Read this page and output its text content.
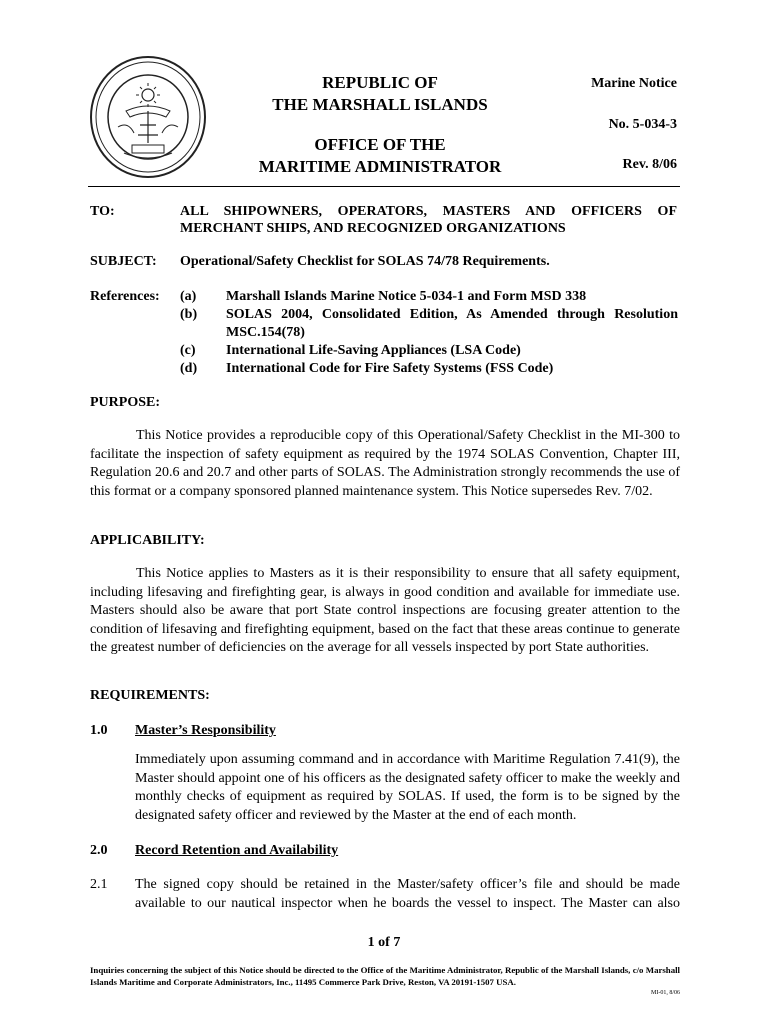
REPUBLIC OF
THE MARSHALL ISLANDS
OFFICE OF THE
MARITIME ADMINISTRATOR
Marine Notice
No. 5-034-3
Rev. 8/06
TO:	ALL SHIPOWNERS, OPERATORS, MASTERS AND OFFICERS OF
MERCHANT SHIPS, AND RECOGNIZED ORGANIZATIONS
SUBJECT: Operational/Safety Checklist for SOLAS 74/78 Requirements.
References: (a)	Marshall Islands Marine Notice 5-034-1 and Form MSD 338
(b)	SOLAS 2004, Consolidated Edition, As Amended through Resolution MSC.154(78)
(c)	International Life-Saving Appliances (LSA Code)
(d)	International Code for Fire Safety Systems (FSS Code)
PURPOSE:
This Notice provides a reproducible copy of this Operational/Safety Checklist in the MI-300 to facilitate the inspection of safety equipment as required by the 1974 SOLAS Convention, Chapter III, Regulation 20.6 and 20.7 and other parts of SOLAS. The Administration strongly recommends the use of this format or a company sponsored planned maintenance system. This Notice supersedes Rev. 7/02.
APPLICABILITY:
This Notice applies to Masters as it is their responsibility to ensure that all safety equipment, including lifesaving and firefighting gear, is always in good condition and available for immediate use. Masters should also be aware that port State control inspections are focusing greater attention to the condition of lifesaving and firefighting equipment, based on the fact that these areas continue to generate the greatest number of deficiencies on the average for all vessels inspected by port State authorities.
REQUIREMENTS:
1.0 Master’s Responsibility
Immediately upon assuming command and in accordance with Maritime Regulation 7.41(9), the Master should appoint one of his officers as the designated safety officer to make the weekly and monthly checks of equipment as required by SOLAS. If used, the form is to be signed by the designated safety officer and reviewed by the Master at the end of each month.
2.0 Record Retention and Availability
2.1 The signed copy should be retained in the Master/safety officer’s file and should be made available to our nautical inspector when he boards the vessel to inspect. The Master can also
1 of 7
Inquiries concerning the subject of this Notice should be directed to the Office of the Maritime Administrator, Republic of the Marshall Islands, c/o Marshall Islands Maritime and Corporate Administrators, Inc., 11495 Commerce Park Drive, Reston, VA 20191-1507 USA.
MI-01, 8/06
